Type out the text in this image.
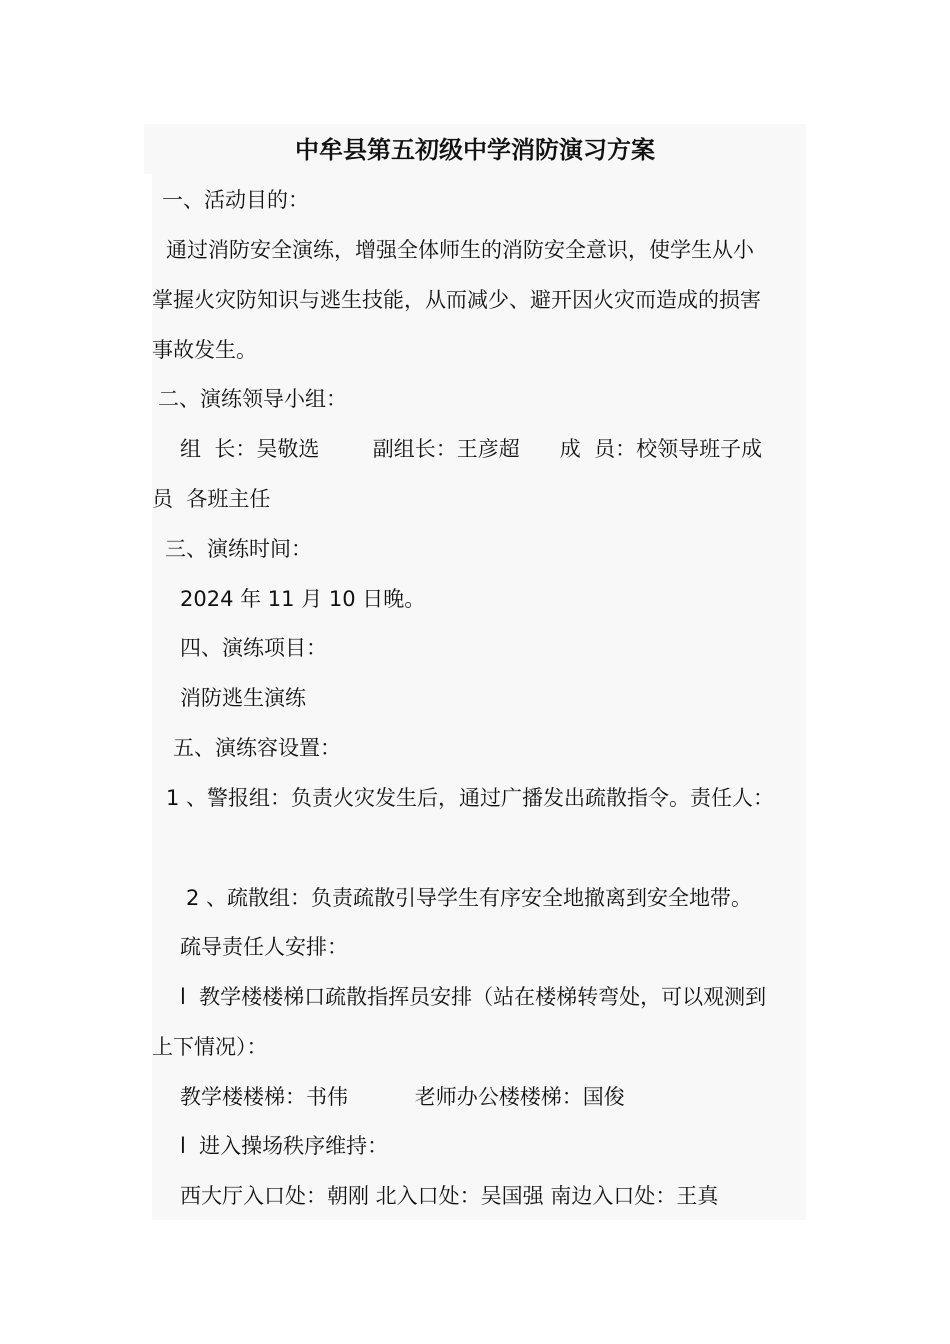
中牟县第五初级中学消防演习方案
一、活动目的：
通过消防安全演练，增强全体师生的消防安全意识，使学生从小
掌握火灾防知识与逃生技能，从而减少、避开因火灾而造成的损害
事故发生。
二、演练领导小组：
组  长：吴敬选        副组长：王彦超      成  员：校领导班子成
员  各班主任
三、演练时间：
2024 年 11 月 10 日晚。
四、演练项目：
消防逃生演练
五、演练容设置：
1 、警报组：负责火灾发生后，通过广播发出疏散指令。责任人：
2 、疏散组：负责疏散引导学生有序安全地撤离到安全地带。
疏导责任人安排：
l  教学楼楼梯口疏散指挥员安排（站在楼梯转弯处，可以观测到
上下情况）：
教学楼楼梯：书伟          老师办公楼楼梯：国俊
l  进入操场秩序维持：
西大厅入口处：朝刚 北入口处：吴国强 南边入口处：王真
